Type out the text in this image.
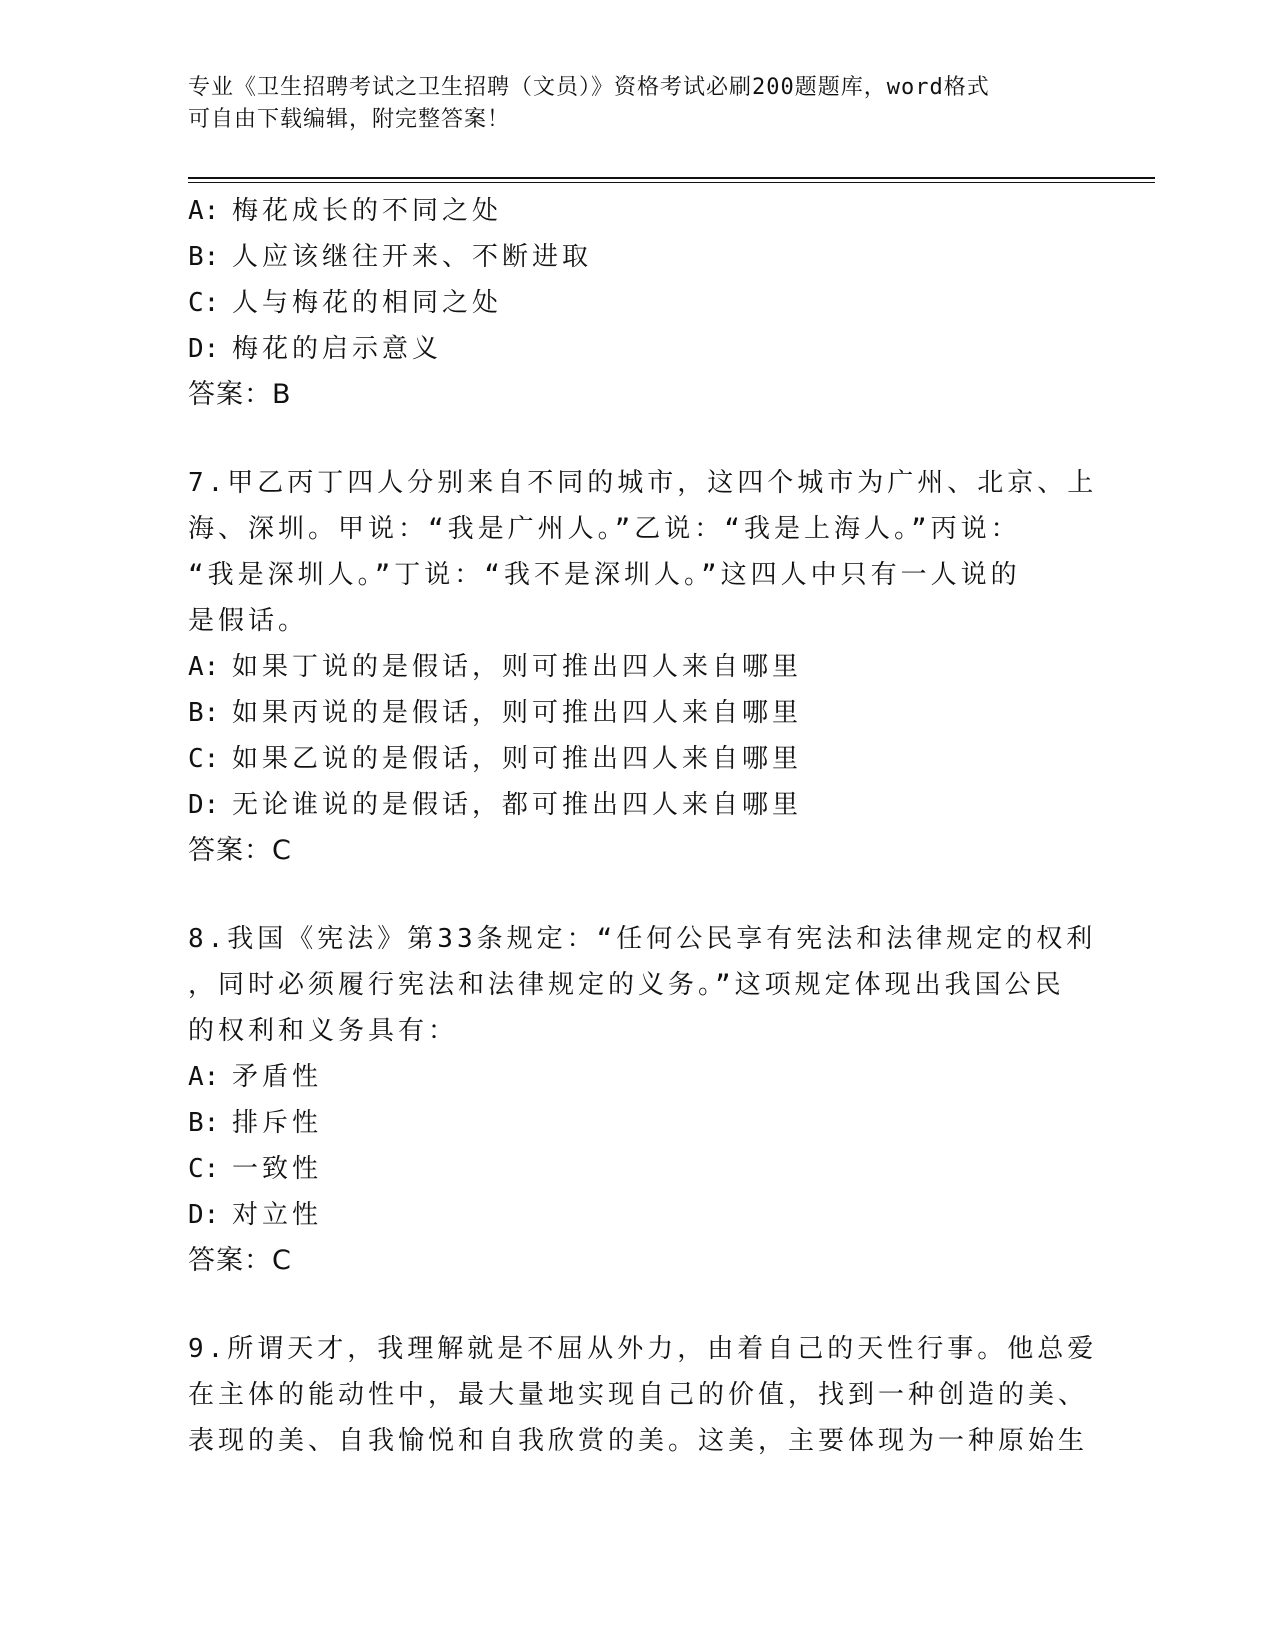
专业《卫生招聘考试之卫生招聘（文员）》资格考试必刷200题题库，word格式
可自由下载编辑，附完整答案！
A: 梅花成长的不同之处
B: 人应该继往开来、不断进取
C: 人与梅花的相同之处
D: 梅花的启示意义
答案：B
7.甲乙丙丁四人分别来自不同的城市，这四个城市为广州、北京、上
海、深圳。甲说：“我是广州人。”乙说：“我是上海人。”丙说：
“我是深圳人。”丁说：“我不是深圳人。”这四人中只有一人说的
是假话。
A: 如果丁说的是假话，则可推出四人来自哪里
B: 如果丙说的是假话，则可推出四人来自哪里
C: 如果乙说的是假话，则可推出四人来自哪里
D: 无论谁说的是假话，都可推出四人来自哪里
答案：C
8.我国《宪法》第33条规定：“任何公民享有宪法和法律规定的权利
，同时必须履行宪法和法律规定的义务。”这项规定体现出我国公民
的权利和义务具有：
A: 矛盾性
B: 排斥性
C: 一致性
D: 对立性
答案：C
9.所谓天才，我理解就是不屈从外力，由着自己的天性行事。他总爱
在主体的能动性中，最大量地实现自己的价值，找到一种创造的美、
表现的美、自我愉悦和自我欣赏的美。这美，主要体现为一种原始生
